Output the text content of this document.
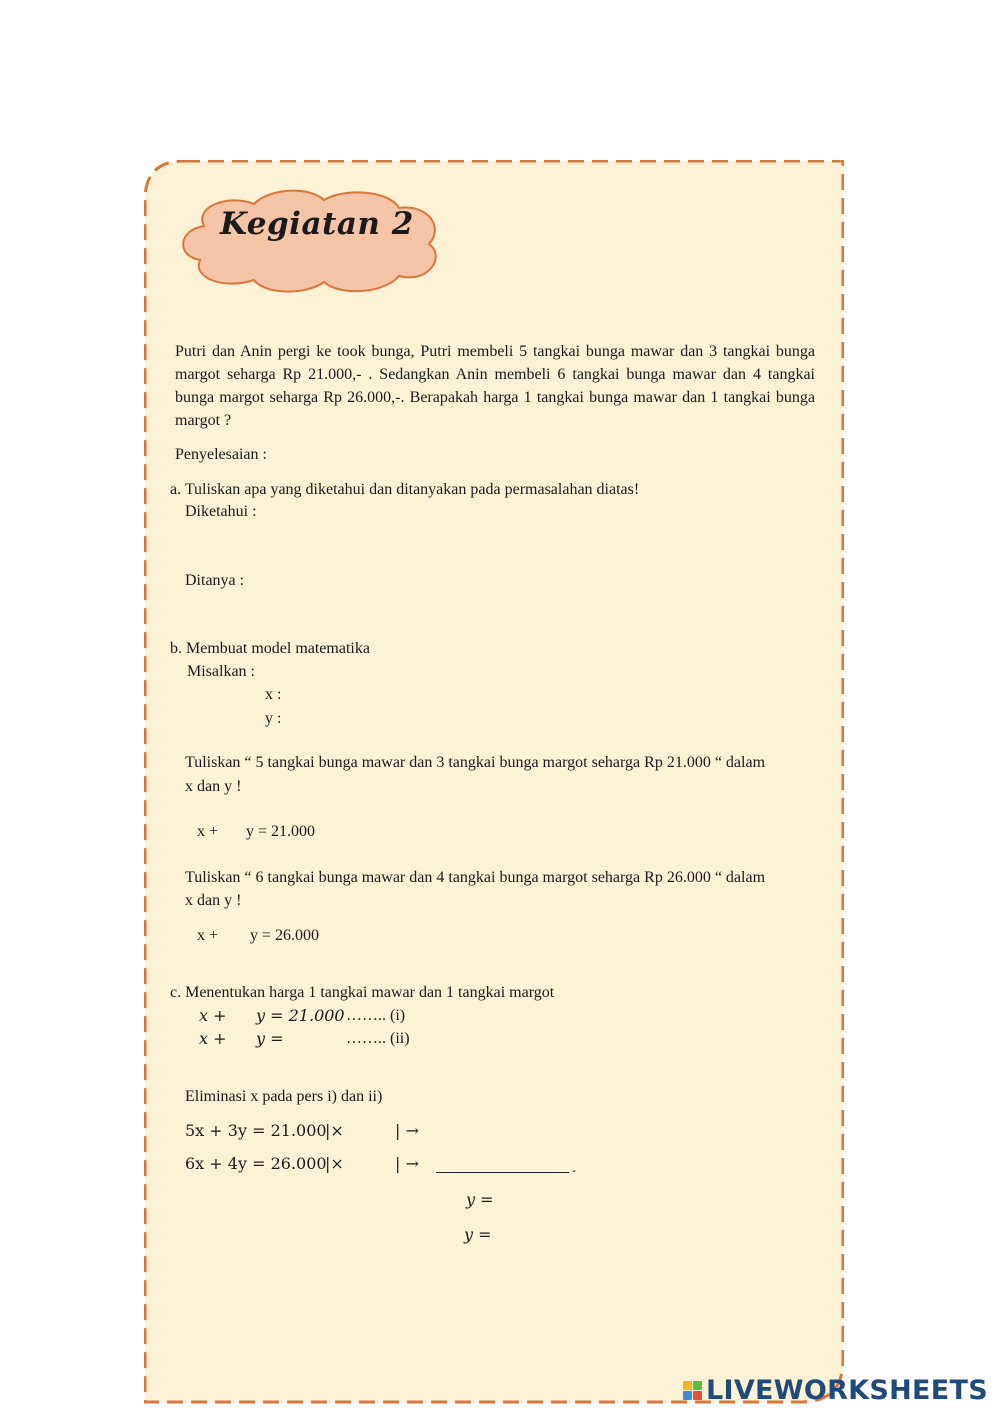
Kegiatan 2
Putri dan Anin pergi ke took bunga, Putri membeli 5 tangkai bunga mawar dan 3 tangkai bunga margot seharga Rp 21.000,- . Sedangkan Anin membeli 6 tangkai bunga mawar dan 4 tangkai bunga margot seharga Rp 26.000,-. Berapakah harga 1 tangkai bunga mawar dan 1 tangkai bunga margot ?
Penyelesaian :
a. Tuliskan apa yang diketahui dan ditanyakan pada permasalahan diatas!
Diketahui :
Ditanya :
b. Membuat model matematika
Misalkan :
x :
y :
Tuliskan “ 5 tangkai bunga mawar dan 3 tangkai bunga margot seharga Rp 21.000 “ dalam
x dan y !
x + y = 21.000
Tuliskan “ 6 tangkai bunga mawar dan 4 tangkai bunga margot seharga Rp 26.000 “ dalam
x dan y !
x + y = 26.000
c. Menentukan harga 1 tangkai mawar dan 1 tangkai margot
x + y = 21.000 …….. (i)
x + y =	…….. (ii)
Eliminasi x pada pers i) dan ii)
5x + 3y = 21.000
|×	| →
6x + 4y = 26.000
|×	| →	-
y =
y =
LIVEWORKSHEETS
